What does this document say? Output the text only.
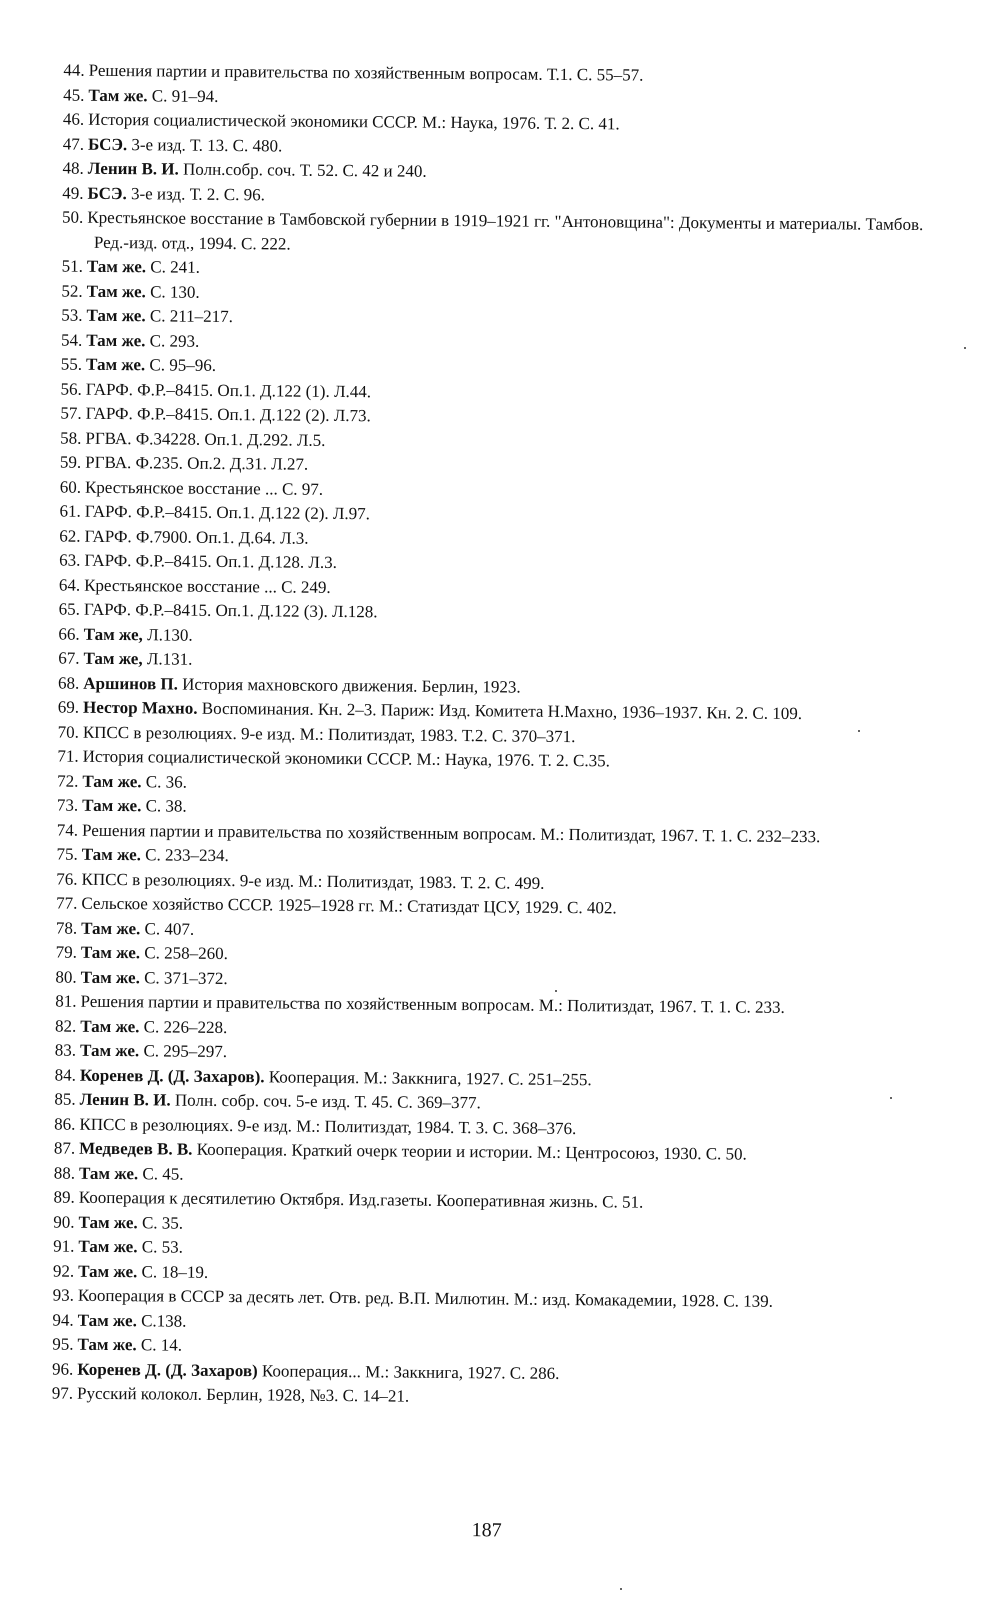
44. Решения партии и правительства по хозяйственным вопросам. Т.1. С. 55–57.
45. Там же. С. 91–94.
46. История социалистической экономики СССР. М.: Наука, 1976. Т. 2. С. 41.
47. БСЭ. 3-е изд. Т. 13. С. 480.
48. Ленин В. И. Полн.собр. соч. Т. 52. С. 42 и 240.
49. БСЭ. 3-е изд. Т. 2. С. 96.
50. Крестьянское восстание в Тамбовской губернии в 1919–1921 гг. "Антоновщина": Документы и материалы. Тамбов. Ред.-изд. отд., 1994. С. 222.
51. Там же. С. 241.
52. Там же. С. 130.
53. Там же. С. 211–217.
54. Там же. С. 293.
55. Там же. С. 95–96.
56. ГАРФ. Ф.Р.–8415. Оп.1. Д.122 (1). Л.44.
57. ГАРФ. Ф.Р.–8415. Оп.1. Д.122 (2). Л.73.
58. РГВА. Ф.34228. Оп.1. Д.292. Л.5.
59. РГВА. Ф.235. Оп.2. Д.31. Л.27.
60. Крестьянское восстание ... С. 97.
61. ГАРФ. Ф.Р.–8415. Оп.1. Д.122 (2). Л.97.
62. ГАРФ. Ф.7900. Оп.1. Д.64. Л.3.
63. ГАРФ. Ф.Р.–8415. Оп.1. Д.128. Л.3.
64. Крестьянское восстание ... С. 249.
65. ГАРФ. Ф.Р.–8415. Оп.1. Д.122 (3). Л.128.
66. Там же, Л.130.
67. Там же, Л.131.
68. Аршинов П. История махновского движения. Берлин, 1923.
69. Нестор Махно. Воспоминания. Кн. 2–3. Париж: Изд. Комитета Н.Махно, 1936–1937. Кн. 2. С. 109.
70. КПСС в резолюциях. 9-е изд. М.: Политиздат, 1983. Т.2. С. 370–371.
71. История социалистической экономики СССР. М.: Наука, 1976. Т. 2. С.35.
72. Там же. С. 36.
73. Там же. С. 38.
74. Решения партии и правительства по хозяйственным вопросам. М.: Политиздат, 1967. Т. 1. С. 232–233.
75. Там же. С. 233–234.
76. КПСС в резолюциях. 9-е изд. М.: Политиздат, 1983. Т. 2. С. 499.
77. Сельское хозяйство СССР. 1925–1928 гг. М.: Статиздат ЦСУ, 1929. С. 402.
78. Там же. С. 407.
79. Там же. С. 258–260.
80. Там же. С. 371–372.
81. Решения партии и правительства по хозяйственным вопросам. М.: Политиздат, 1967. Т. 1. С. 233.
82. Там же. С. 226–228.
83. Там же. С. 295–297.
84. Коренев Д. (Д. Захаров). Кооперация. М.: Заккнига, 1927. С. 251–255.
85. Ленин В. И. Полн. собр. соч. 5-е изд. Т. 45. С. 369–377.
86. КПСС в резолюциях. 9-е изд. М.: Политиздат, 1984. Т. 3. С. 368–376.
87. Медведев В. В. Кооперация. Краткий очерк теории и истории. М.: Центросоюз, 1930. С. 50.
88. Там же. С. 45.
89. Кооперация к десятилетию Октября. Изд.газеты. Кооперативная жизнь. С. 51.
90. Там же. С. 35.
91. Там же. С. 53.
92. Там же. С. 18–19.
93. Кооперация в СССР за десять лет. Отв. ред. В.П. Милютин. М.: изд. Комакадемии, 1928. С. 139.
94. Там же. С.138.
95. Там же. С. 14.
96. Коренев Д. (Д. Захаров) Кооперация... М.: Заккнига, 1927. С. 286.
97. Русский колокол. Берлин, 1928, №3. С. 14–21.
187
